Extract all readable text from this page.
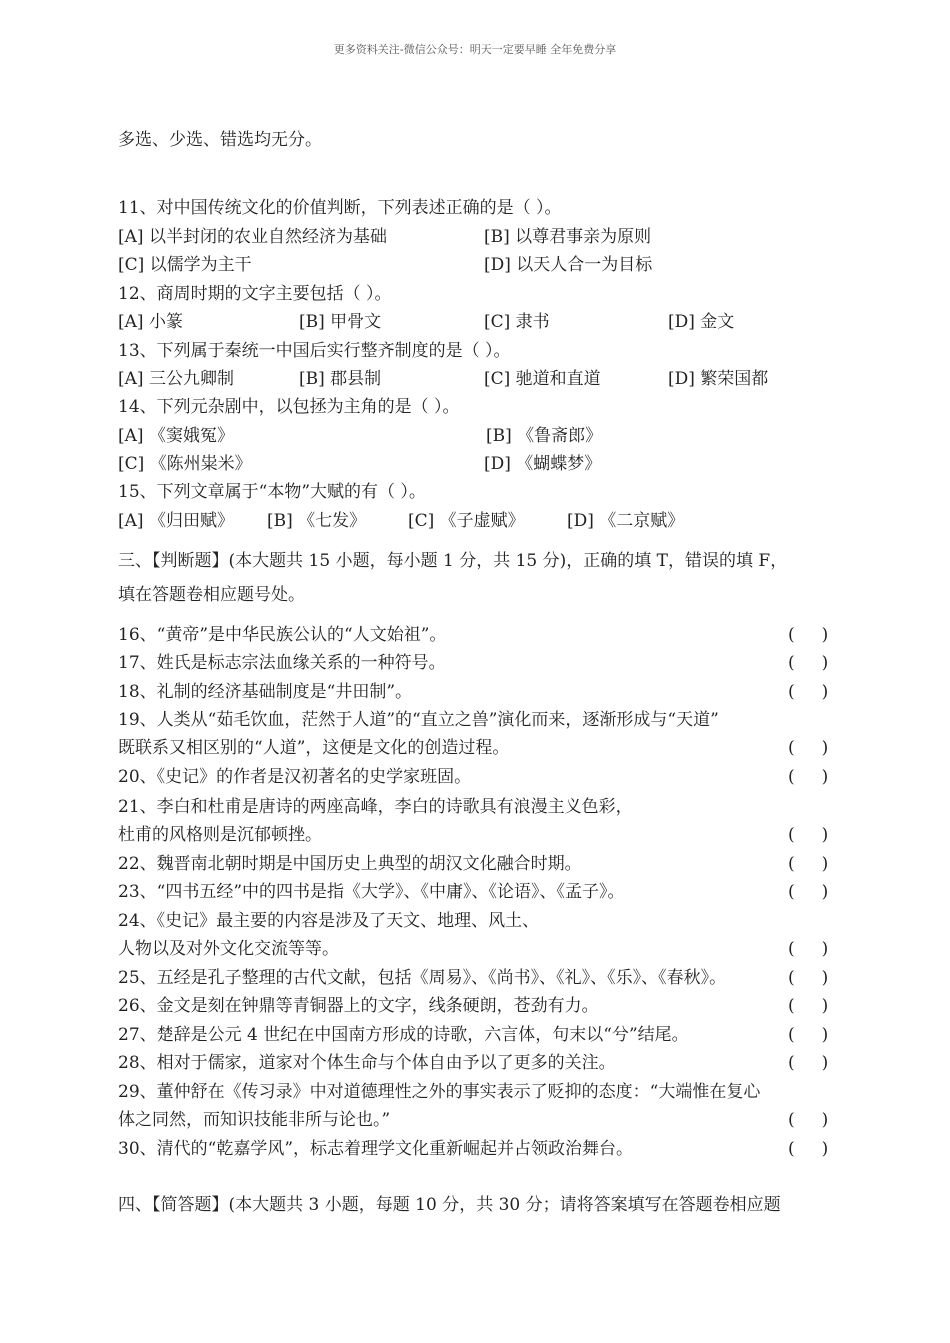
更多资料关注-微信公众号：明天一定要早睡 全年免费分享
多选、少选、错选均无分。
11、对中国传统文化的价值判断，下列表述正确的是（ ）。
[A] 以半封闭的农业自然经济为基础	[B] 以尊君事亲为原则
[C] 以儒学为主干	[D] 以天人合一为目标
12、商周时期的文字主要包括（ ）。
[A] 小篆	[B] 甲骨文	[C] 隶书	[D] 金文
13、下列属于秦统一中国后实行整齐制度的是（ ）。
[A] 三公九卿制	[B] 郡县制	[C] 驰道和直道	[D] 繁荣国都
14、下列元杂剧中，以包拯为主角的是（ ）。
[A] 《窦娥冤》	[B] 《鲁斋郎》
[C] 《陈州粜米》	[D] 《蝴蝶梦》
15、下列文章属于“本物”大赋的有（ ）。
[A] 《归田赋》 [B] 《七发》 [C] 《子虚赋》 [D] 《二京赋》
三、【判断题】(本大题共 15 小题，每小题 1 分，共 15 分)，正确的填 T，错误的填 F，
填在答题卷相应题号处。
16、“黄帝”是中华民族公认的“人文始祖”。	(     )
17、姓氏是标志宗法血缘关系的一种符号。	(     )
18、礼制的经济基础制度是“井田制”。	(     )
19、人类从“茹毛饮血，茫然于人道”的“直立之兽”演化而来，逐渐形成与“天道”
既联系又相区别的“人道”，这便是文化的创造过程。	(     )
20、《史记》的作者是汉初著名的史学家班固。	(     )
21、李白和杜甫是唐诗的两座高峰，李白的诗歌具有浪漫主义色彩，
杜甫的风格则是沉郁顿挫。	(     )
22、魏晋南北朝时期是中国历史上典型的胡汉文化融合时期。	(     )
23、“四书五经”中的四书是指《大学》、《中庸》、《论语》、《孟子》。	(     )
24、《史记》最主要的内容是涉及了天文、地理、风土、
人物以及对外文化交流等等。	(     )
25、五经是孔子整理的古代文献，包括《周易》、《尚书》、《礼》、《乐》、《春秋》。	(     )
26、金文是刻在钟鼎等青铜器上的文字，线条硬朗，苍劲有力。	(     )
27、楚辞是公元 4 世纪在中国南方形成的诗歌，六言体，句末以“兮”结尾。	(     )
28、相对于儒家，道家对个体生命与个体自由予以了更多的关注。	(     )
29、董仲舒在《传习录》中对道德理性之外的事实表示了贬抑的态度：“大端惟在复心
体之同然，而知识技能非所与论也。”	(     )
30、清代的“乾嘉学风”，标志着理学文化重新崛起并占领政治舞台。	(     )
四、【简答题】(本大题共 3 小题，每题 10 分，共 30 分；请将答案填写在答题卷相应题
